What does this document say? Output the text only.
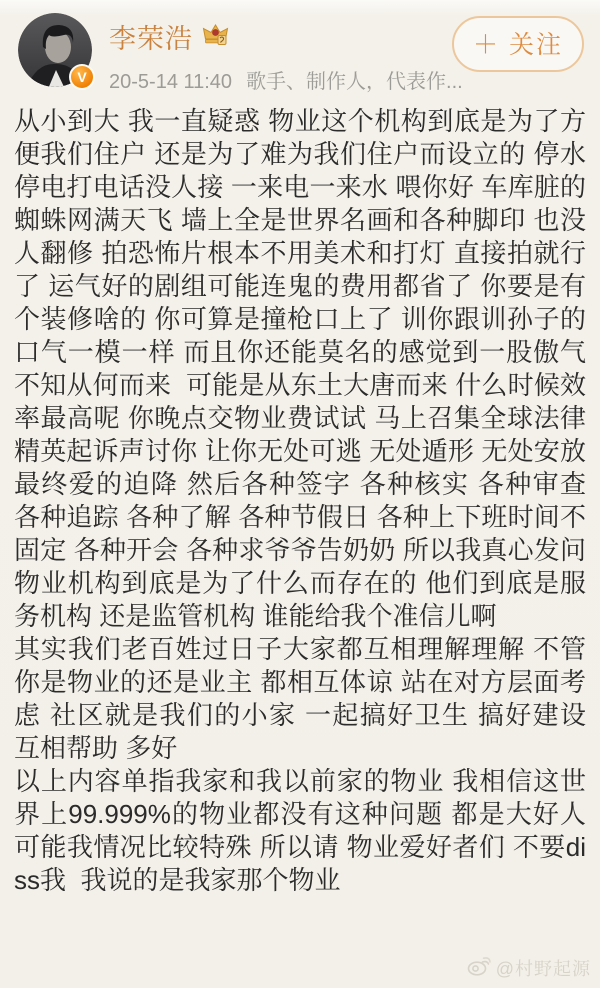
V
李荣浩
20-5-14 11:40 歌手、制作人，代表作...
＋ 关注

从小到大 我一直疑惑 物业这个机构到底是为了方便我们住户 还是为了难为我们住户而设立的 停水停电打电话没人接 一来电一来水 喂你好 车库脏的蜘蛛网满天飞 墙上全是世界名画和各种脚印 也没人翻修 拍恐怖片根本不用美术和打灯 直接拍就行了 运气好的剧组可能连鬼的费用都省了 你要是有个装修啥的 你可算是撞枪口上了 训你跟训孙子的口气一模一样 而且你还能莫名的感觉到一股傲气 不知从何而来  可能是从东土大唐而来 什么时候效率最高呢 你晚点交物业费试试 马上召集全球法律精英起诉声讨你 让你无处可逃 无处遁形 无处安放 最终爱的迫降 然后各种签字 各种核实 各种审查 各种追踪 各种了解 各种节假日 各种上下班时间不固定 各种开会 各种求爷爷告奶奶 所以我真心发问 物业机构到底是为了什么而存在的 他们到底是服务机构 还是监管机构 谁能给我个准信儿啊

其实我们老百姓过日子大家都互相理解理解 不管你是物业的还是业主 都相互体谅 站在对方层面考虑 社区就是我们的小家 一起搞好卫生 搞好建设 互相帮助 多好

以上内容单指我家和我以前家的物业 我相信这世界上99.999%的物业都没有这种问题 都是大好人 可能我情况比较特殊 所以请 物业爱好者们 不要diss我  我说的是我家那个物业

@村野起源
